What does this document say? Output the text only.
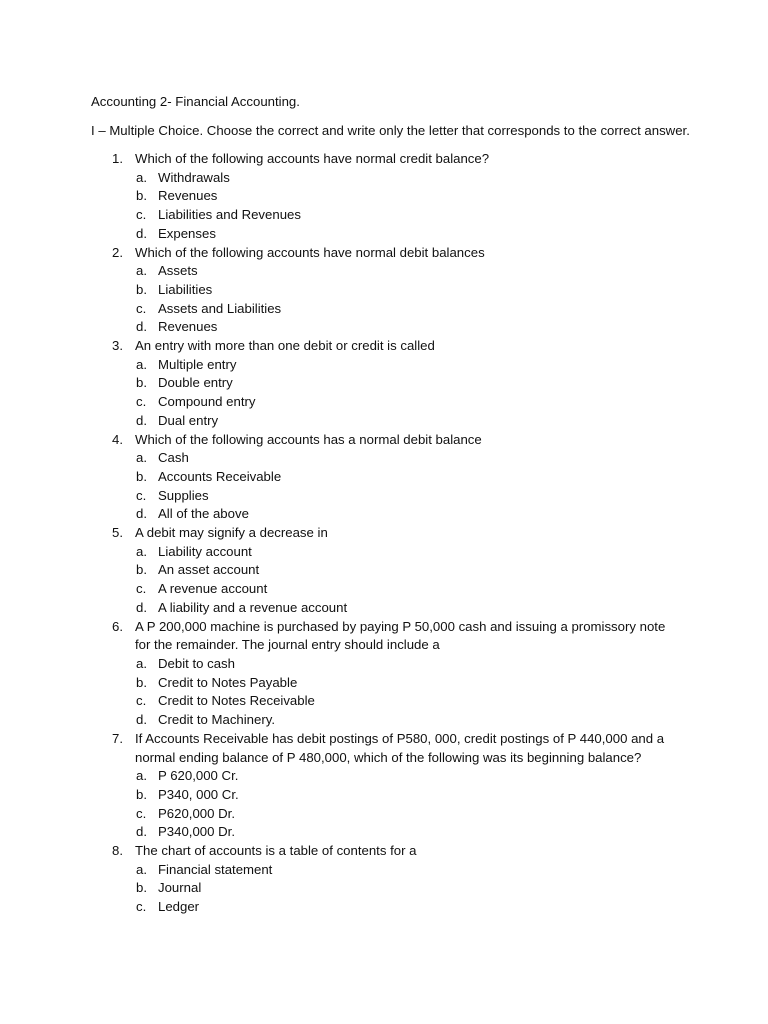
Accounting 2- Financial Accounting.
I – Multiple Choice. Choose the correct and write only the letter that corresponds to the correct answer.
1. Which of the following accounts have normal credit balance?
a. Withdrawals
b. Revenues
c. Liabilities and Revenues
d. Expenses
2. Which of the following accounts have normal debit balances
a. Assets
b. Liabilities
c. Assets and Liabilities
d. Revenues
3. An entry with more than one debit or credit is called
a. Multiple entry
b. Double entry
c. Compound entry
d. Dual entry
4. Which of the following accounts has a normal debit balance
a. Cash
b. Accounts Receivable
c. Supplies
d. All of the above
5. A debit may signify a decrease in
a. Liability account
b. An asset account
c. A revenue account
d. A liability and a revenue account
6. A P 200,000 machine is purchased by paying P 50,000 cash and issuing a promissory note for the remainder. The journal entry should include a
a. Debit to cash
b. Credit to Notes Payable
c. Credit to Notes Receivable
d. Credit to Machinery.
7. If Accounts Receivable has debit postings of P580, 000, credit postings of P 440,000 and a normal ending balance of P 480,000, which of the following was its beginning balance?
a. P 620,000 Cr.
b. P340, 000 Cr.
c. P620,000 Dr.
d. P340,000 Dr.
8. The chart of accounts is a table of contents for a
a. Financial statement
b. Journal
c. Ledger
